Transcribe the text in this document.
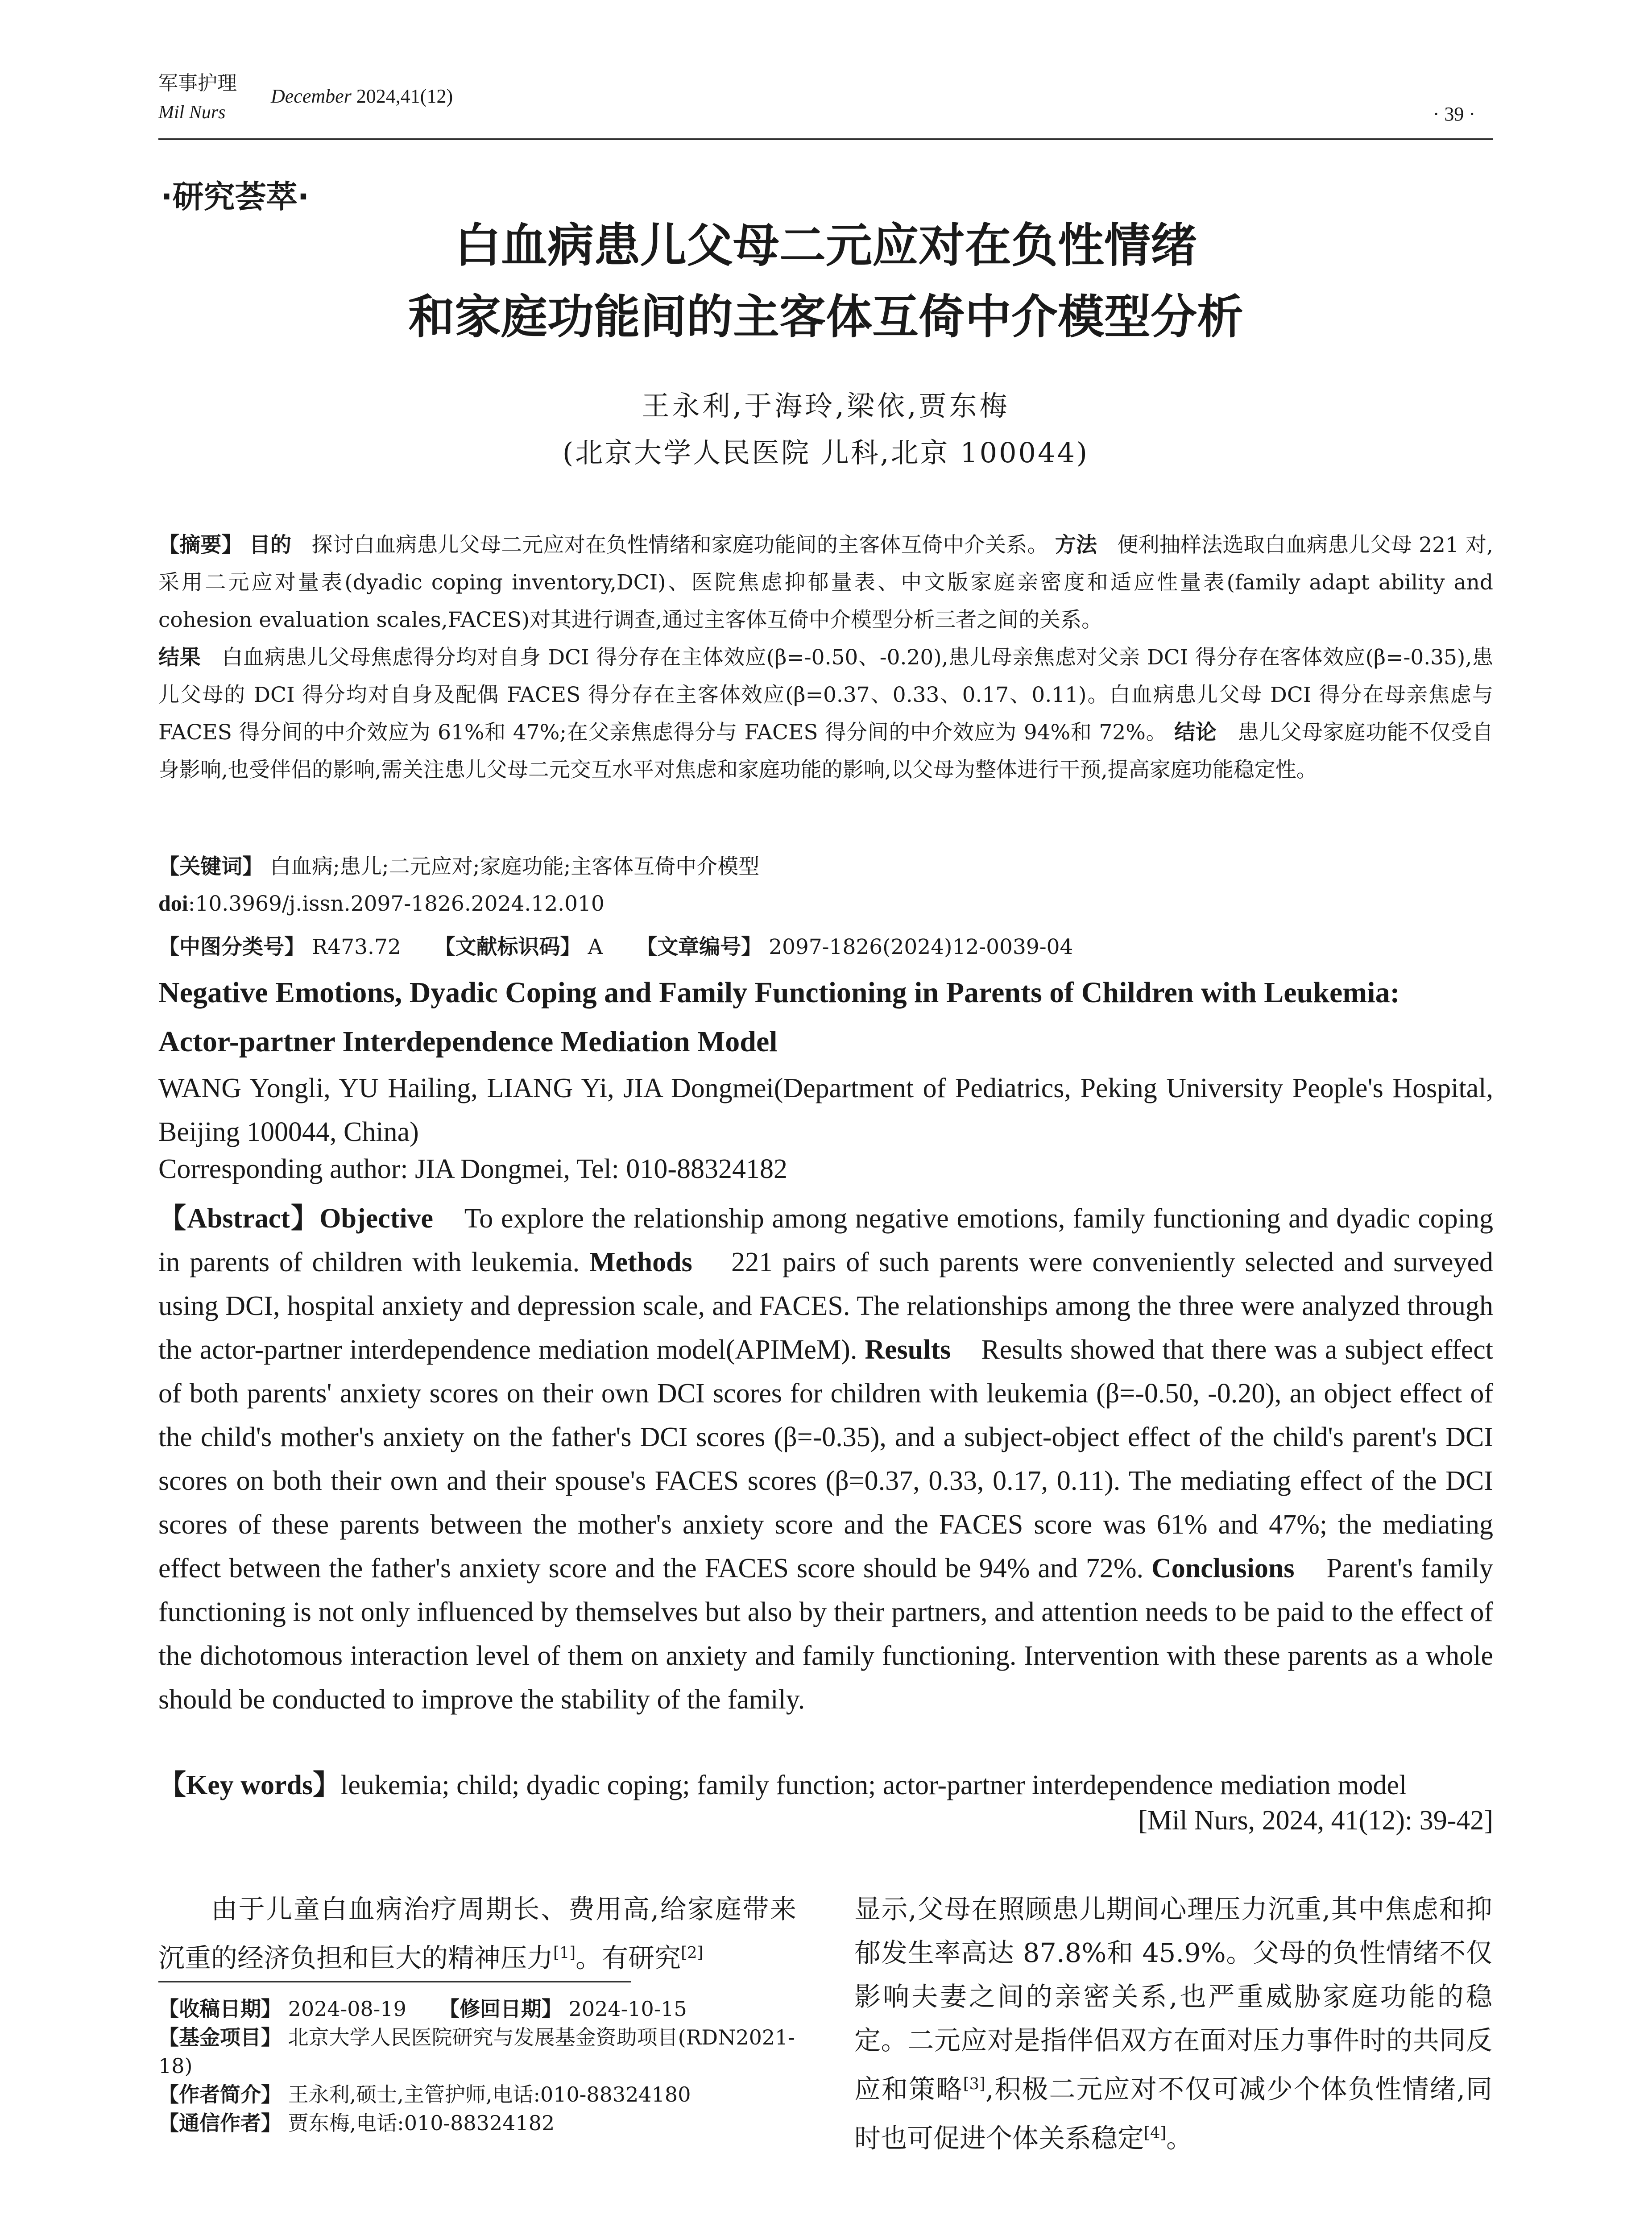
军事护理
Mil Nurs
December 2024,41(12)
· 39 ·
·研究荟萃·
白血病患儿父母二元应对在负性情绪
和家庭功能间的主客体互倚中介模型分析
王永利,于海玲,梁依,贾东梅
(北京大学人民医院 儿科,北京 100044)
【摘要】 目的 探讨白血病患儿父母二元应对在负性情绪和家庭功能间的主客体互倚中介关系。 方法 便利抽样法选取白血病患儿父母 221 对,采用二元应对量表(dyadic coping inventory,DCI)、医院焦虑抑郁量表、中文版家庭亲密度和适应性量表(family adapt ability and cohesion evaluation scales,FACES)对其进行调查,通过主客体互倚中介模型分析三者之间的关系。
结果 白血病患儿父母焦虑得分均对自身 DCI 得分存在主体效应(β=-0.50、-0.20),患儿母亲焦虑对父亲 DCI 得分存在客体效应(β=-0.35),患儿父母的 DCI 得分均对自身及配偶 FACES 得分存在主客体效应(β=0.37、0.33、0.17、0.11)。白血病患儿父母 DCI 得分在母亲焦虑与 FACES 得分间的中介效应为 61%和 47%;在父亲焦虑得分与 FACES 得分间的中介效应为 94%和 72%。 结论 患儿父母家庭功能不仅受自身影响,也受伴侣的影响,需关注患儿父母二元交互水平对焦虑和家庭功能的影响,以父母为整体进行干预,提高家庭功能稳定性。
【关键词】 白血病;患儿;二元应对;家庭功能;主客体互倚中介模型
doi:10.3969/j.issn.2097-1826.2024.12.010
【中图分类号】 R473.72 【文献标识码】 A 【文章编号】 2097-1826(2024)12-0039-04
Negative Emotions, Dyadic Coping and Family Functioning in Parents of Children with Leukemia:
Actor-partner Interdependence Mediation Model
WANG Yongli, YU Hailing, LIANG Yi, JIA Dongmei(Department of Pediatrics, Peking University People's Hospital, Beijing 100044, China)
Corresponding author: JIA Dongmei, Tel: 010-88324182
【Abstract】Objective To explore the relationship among negative emotions, family functioning and dyadic coping in parents of children with leukemia. Methods 221 pairs of such parents were conveniently selected and surveyed using DCI, hospital anxiety and depression scale, and FACES. The relationships among the three were analyzed through the actor-partner interdependence mediation model(APIMeM). Results Results showed that there was a subject effect of both parents' anxiety scores on their own DCI scores for children with leukemia (β=-0.50, -0.20), an object effect of the child's mother's anxiety on the father's DCI scores (β=-0.35), and a subject-object effect of the child's parent's DCI scores on both their own and their spouse's FACES scores (β=0.37, 0.33, 0.17, 0.11). The mediating effect of the DCI scores of these parents between the mother's anxiety score and the FACES score was 61% and 47%; the mediating effect between the father's anxiety score and the FACES score should be 94% and 72%. Conclusions Parent's family functioning is not only influenced by themselves but also by their partners, and attention needs to be paid to the effect of the dichotomous interaction level of them on anxiety and family functioning. Intervention with these parents as a whole should be conducted to improve the stability of the family.
【Key words】leukemia; child; dyadic coping; family function; actor-partner interdependence mediation model
[Mil Nurs, 2024, 41(12): 39-42]

由于儿童白血病治疗周期长、费用高,给家庭带来沉重的经济负担和巨大的精神压力[1]。有研究[2]

【收稿日期】 2024-08-19 【修回日期】 2024-10-15

【基金项目】 北京大学人民医院研究与发展基金资助项目(RDN2021-18)

【作者简介】 王永利,硕士,主管护师,电话:010-88324180

【通信作者】 贾东梅,电话:010-88324182

显示,父母在照顾患儿期间心理压力沉重,其中焦虑和抑郁发生率高达 87.8%和 45.9%。父母的负性情绪不仅影响夫妻之间的亲密关系,也严重威胁家庭功能的稳定。二元应对是指伴侣双方在面对压力事件时的共同反应和策略[3],积极二元应对不仅可减少个体负性情绪,同时也可促进个体关系稳定[4]。
